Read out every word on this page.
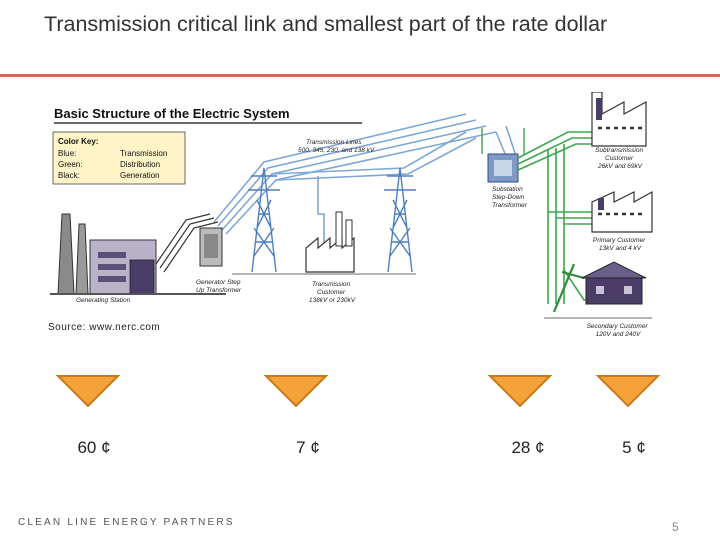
Transmission critical link and smallest part of the rate dollar
Basic Structure of the Electric System
Color Key:
Blue:	Transmission
Green:	Distribution
Black:	Generation
Transmission Lines 500, 345, 230, and 138 kV	Subtransmission Customer 26kV and 69kV
Substation Step-Down Transformer
Primary Customer 13kV and 4 kV
Generator Step Up Transformer
Generating Station
Transmission Customer 138kV or 230kV
Secondary Customer 120V and 240V
Source: www.nerc.com
60 ¢	7 ¢	28 ¢	5 ¢
CLEAN LINE ENERGY PARTNERS	5
